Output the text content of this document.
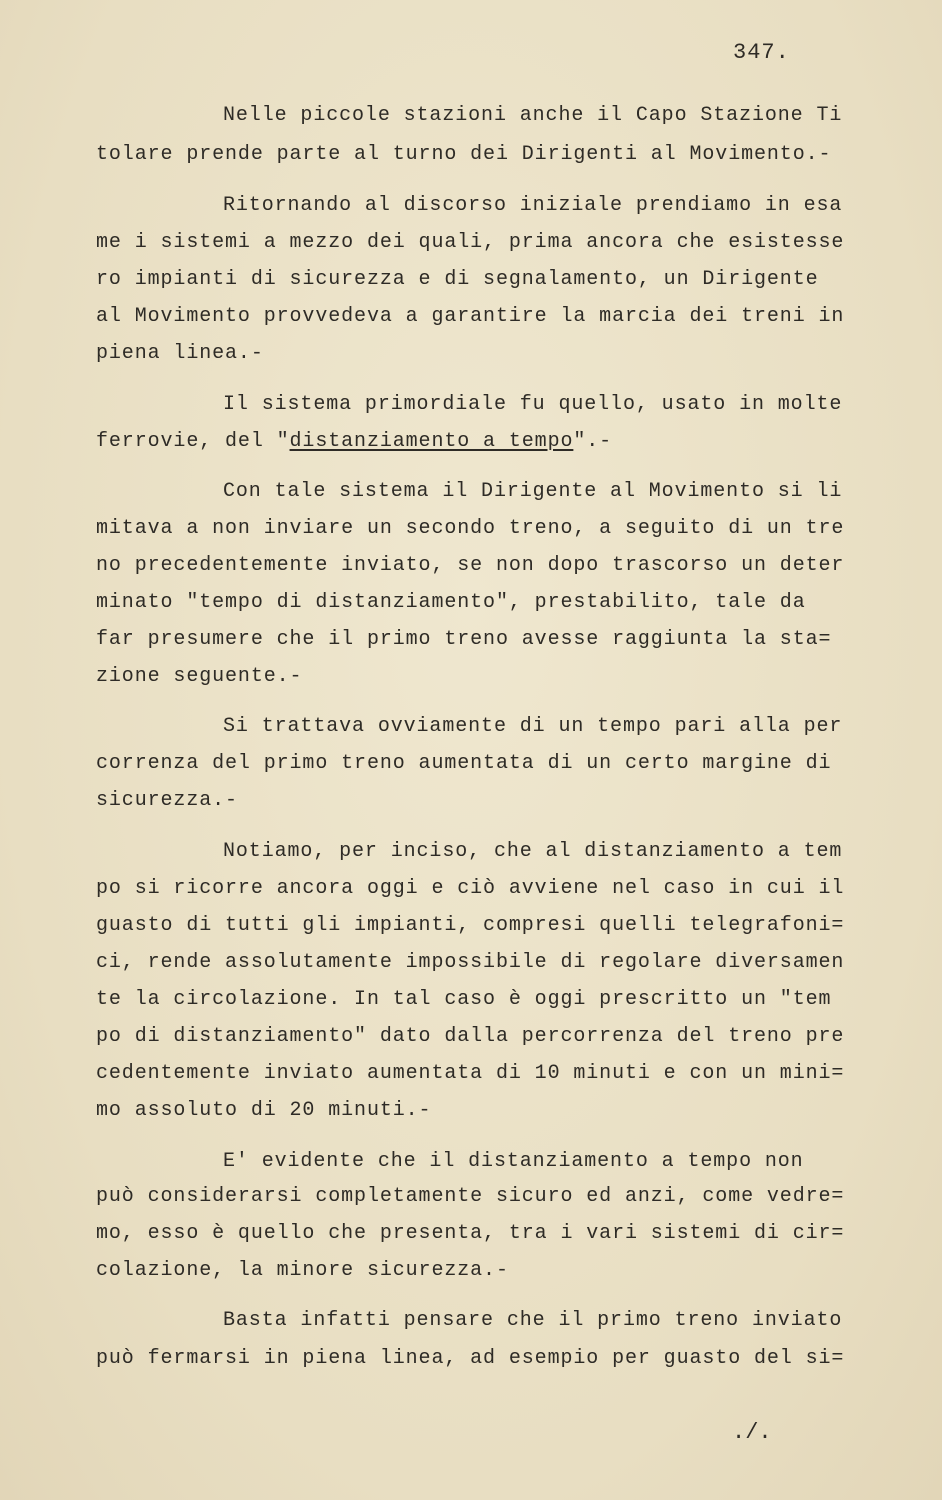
347.
Nelle piccole stazioni anche il Capo Stazione Ti
tolare prende parte al turno dei Dirigenti al Movimento.-
Ritornando al discorso iniziale prendiamo in esa
me i sistemi a mezzo dei quali, prima ancora che esistesse
ro impianti di sicurezza e di segnalamento, un Dirigente
al Movimento provvedeva a garantire la marcia dei treni in
piena linea.-
Il sistema primordiale fu quello, usato in molte
ferrovie, del "distanziamento a tempo".-
Con tale sistema il Dirigente al Movimento si li
mitava a non inviare un secondo treno, a seguito di un tre
no precedentemente inviato, se non dopo trascorso un deter
minato "tempo di distanziamento", prestabilito, tale da
far presumere che il primo treno avesse raggiunta la sta=
zione seguente.-
Si trattava ovviamente di un tempo pari alla per
correnza del primo treno aumentata di un certo margine di
sicurezza.-
Notiamo, per inciso, che al distanziamento a tem
po si ricorre ancora oggi e ciò avviene nel caso in cui il
guasto di tutti gli impianti, compresi quelli telegrafoni=
ci, rende assolutamente impossibile di regolare diversamen
te la circolazione. In tal caso è oggi prescritto un "tem
po di distanziamento" dato dalla percorrenza del treno pre
cedentemente inviato aumentata di 10 minuti e con un mini=
mo assoluto di 20 minuti.-
E' evidente che il distanziamento a tempo non
può considerarsi completamente sicuro ed anzi, come vedre=
mo, esso è quello che presenta, tra i vari sistemi di cir=
colazione, la minore sicurezza.-
Basta infatti pensare che il primo treno inviato
può fermarsi in piena linea, ad esempio per guasto del si=
./.
